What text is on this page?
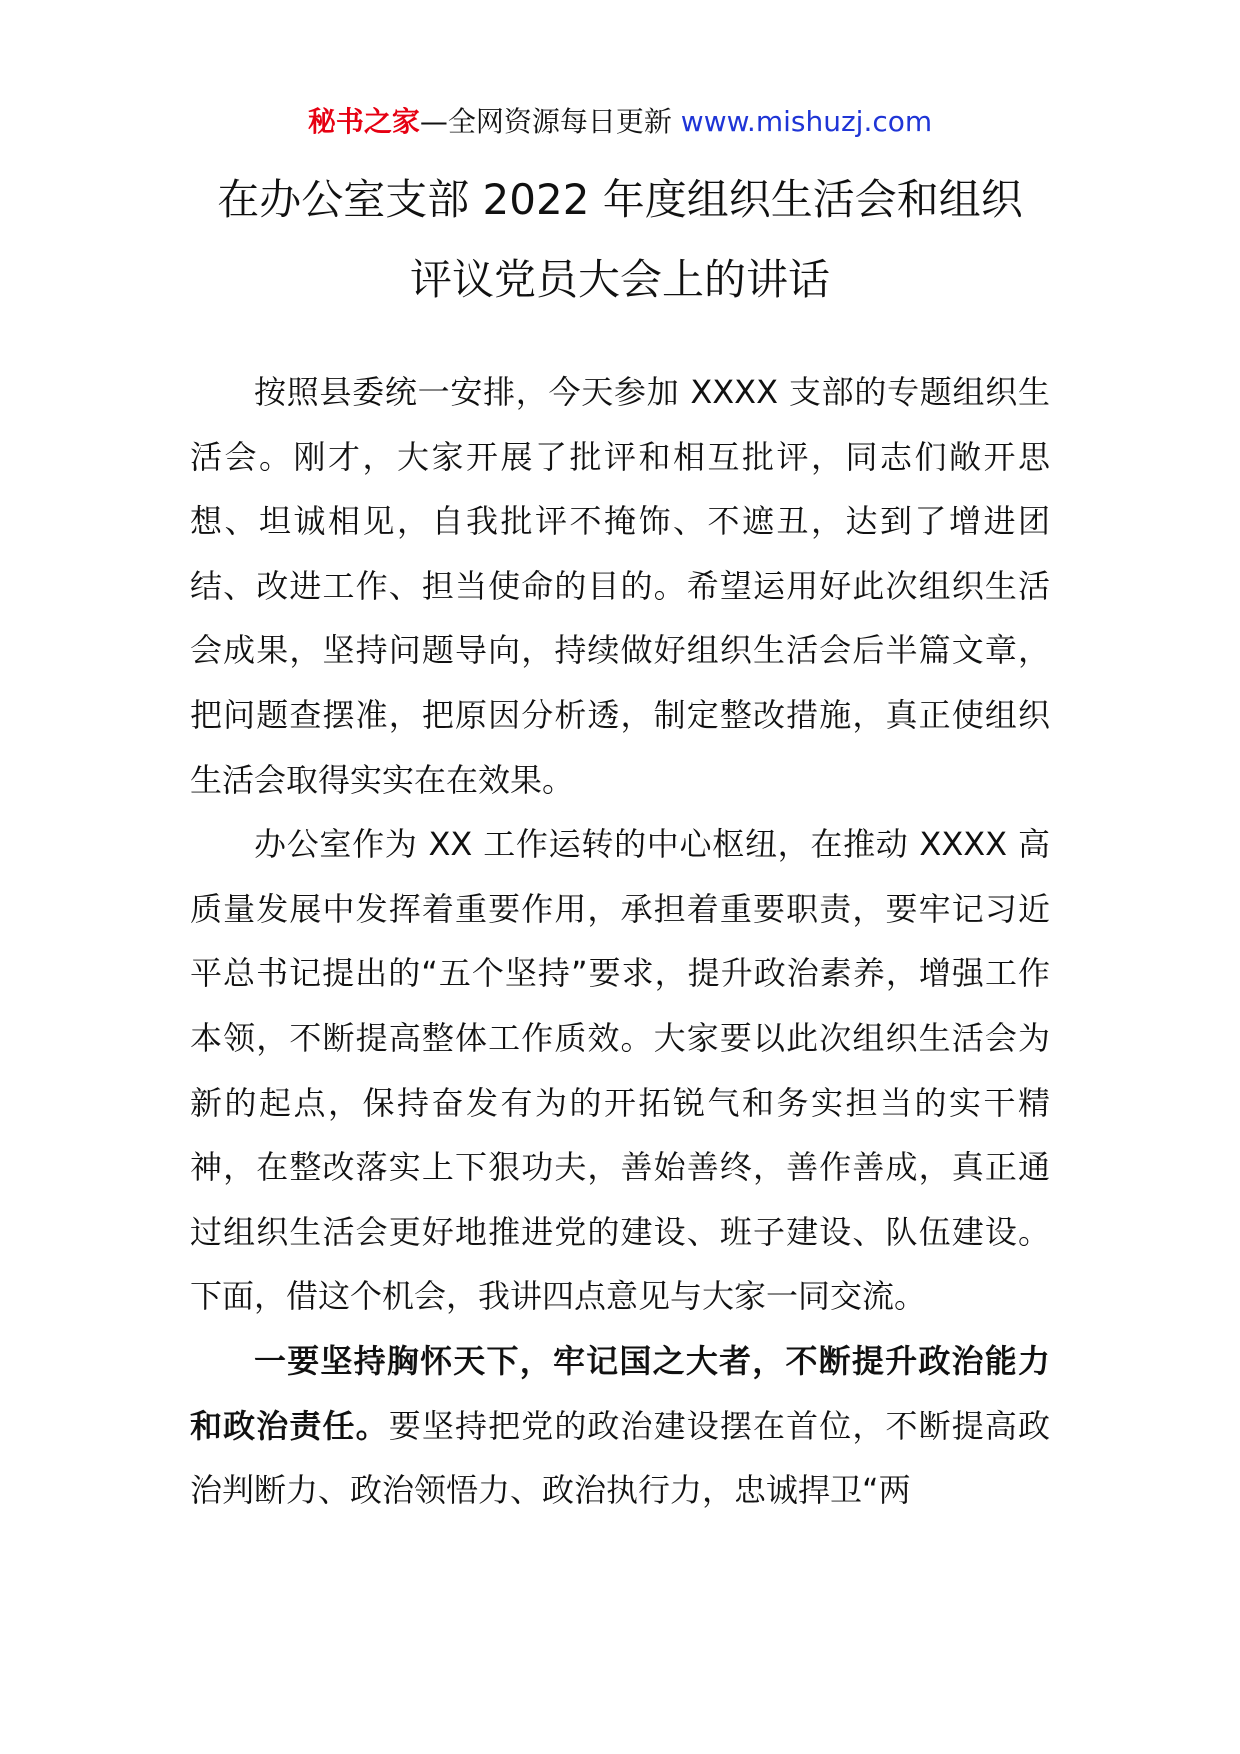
秘书之家—全网资源每日更新 www.mishuzj.com
在办公室支部 2022 年度组织生活会和组织
评议党员大会上的讲话

按照县委统一安排，今天参加 XXXX 支部的专题组织生活会。刚才，大家开展了批评和相互批评，同志们敞开思想、坦诚相见，自我批评不掩饰、不遮丑，达到了增进团结、改进工作、担当使命的目的。希望运用好此次组织生活会成果，坚持问题导向，持续做好组织生活会后半篇文章，把问题查摆准，把原因分析透，制定整改措施，真正使组织生活会取得实实在在效果。

办公室作为 XX 工作运转的中心枢纽，在推动 XXXX 高质量发展中发挥着重要作用，承担着重要职责，要牢记习近平总书记提出的“五个坚持”要求，提升政治素养，增强工作本领，不断提高整体工作质效。大家要以此次组织生活会为新的起点，保持奋发有为的开拓锐气和务实担当的实干精神，在整改落实上下狠功夫，善始善终，善作善成，真正通过组织生活会更好地推进党的建设、班子建设、队伍建设。下面，借这个机会，我讲四点意见与大家一同交流。

一要坚持胸怀天下，牢记国之大者，不断提升政治能力和政治责任。要坚持把党的政治建设摆在首位，不断提高政治判断力、政治领悟力、政治执行力，忠诚捍卫“两
